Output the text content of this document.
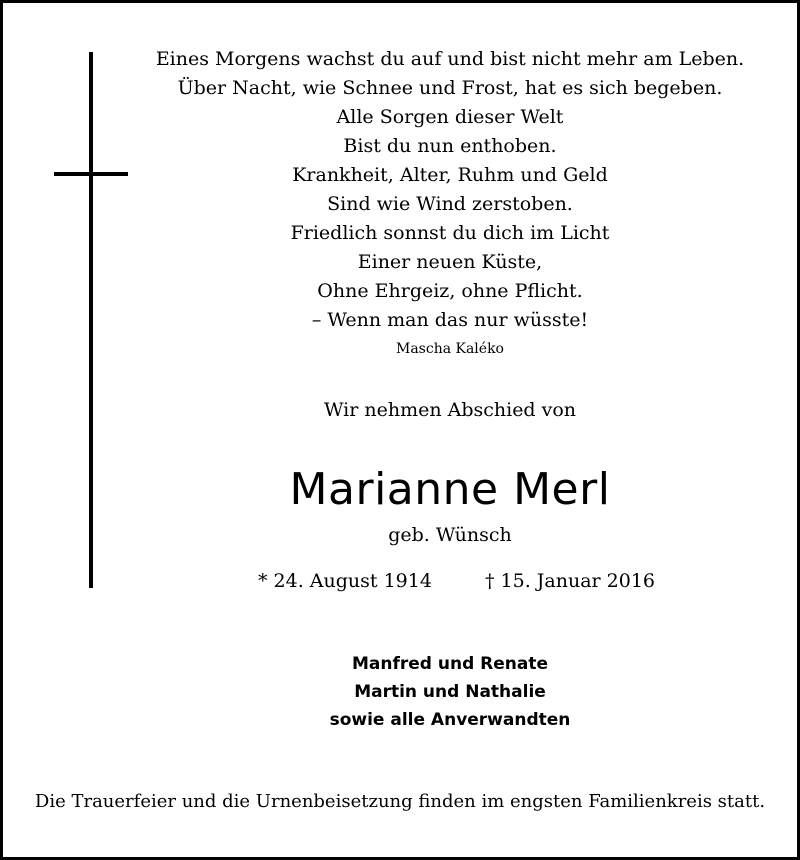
Eines Morgens wachst du auf und bist nicht mehr am Leben.
Über Nacht, wie Schnee und Frost, hat es sich begeben.
Alle Sorgen dieser Welt
Bist du nun enthoben.
Krankheit, Alter, Ruhm und Geld
Sind wie Wind zerstoben.
Friedlich sonnst du dich im Licht
Einer neuen Küste,
Ohne Ehrgeiz, ohne Pflicht.
– Wenn man das nur wüsste!
Mascha Kaléko
Wir nehmen Abschied von
Marianne Merl
geb. Wünsch
* 24. August 1914	† 15. Januar 2016
Manfred und Renate
Martin und Nathalie
sowie alle Anverwandten
Die Trauerfeier und die Urnenbeisetzung finden im engsten Familienkreis statt.
